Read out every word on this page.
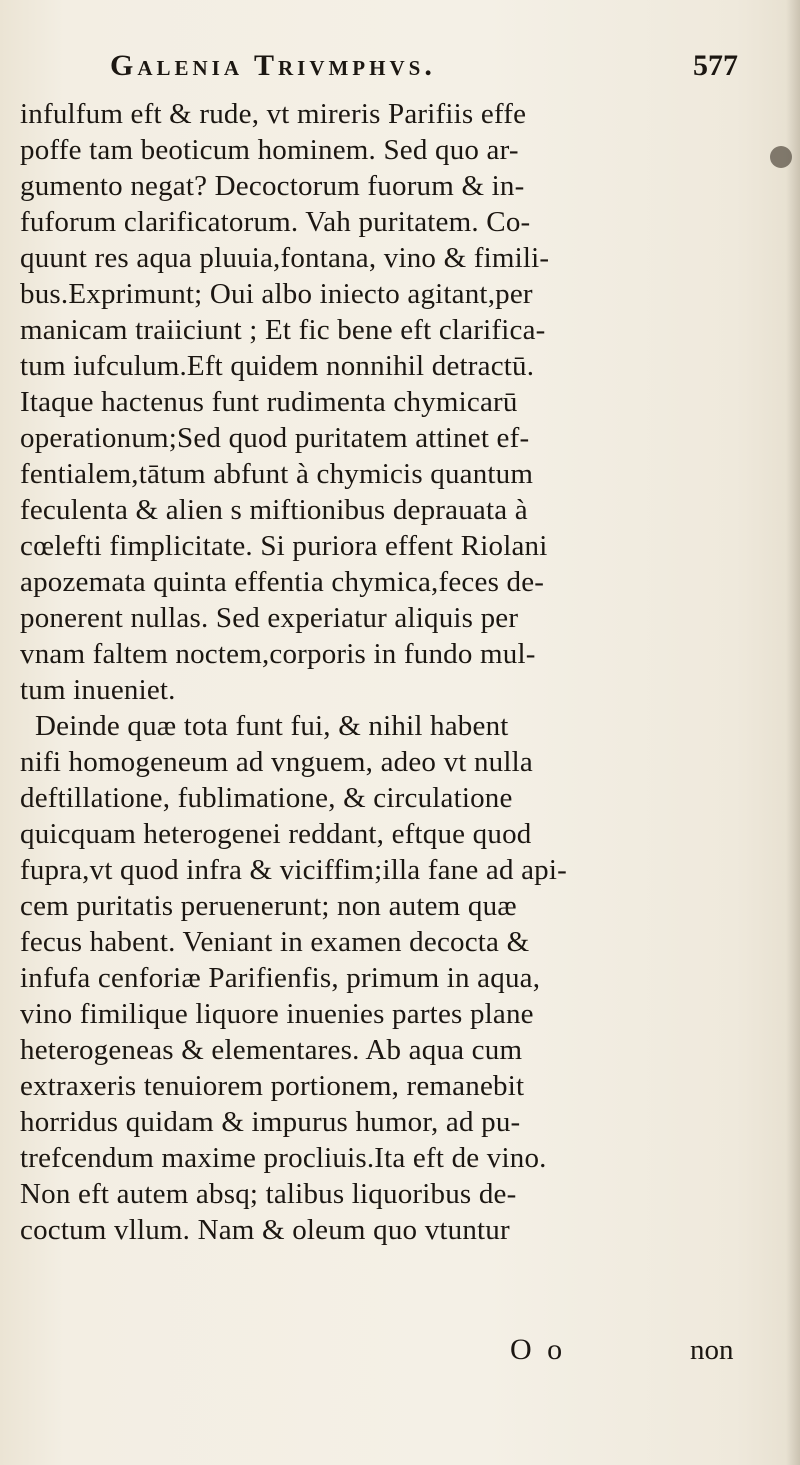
Galenia Trivmphvs.	577
infulfum eft & rude, vt mireris Parifiis effe
poffe tam beoticum hominem. Sed quo ar-
gumento negat? Decoctorum fuorum & in-
fuforum clarificatorum. Vah puritatem. Co-
quunt res aqua pluuia,fontana, vino & fimili-
bus.Exprimunt; Oui albo iniecto agitant,per
manicam traiiciunt ; Et fic bene eft clarifica-
tum iufculum.Eft quidem nonnihil detractū.
Itaque hactenus funt rudimenta chymicarū
operationum;Sed quod puritatem attinet ef-
fentialem,tātum abfunt à chymicis quantum
feculenta & alien s miftionibus deprauata à
cœlefti fimplicitate. Si puriora effent Riolani
apozemata quinta effentia chymica,feces de-
ponerent nullas. Sed experiatur aliquis per
vnam faltem noctem,corporis in fundo mul-
tum inueniet.
Deinde quæ tota funt fui, & nihil habent
nifi homogeneum ad vnguem, adeo vt nulla
deftillatione, fublimatione, & circulatione
quicquam heterogenei reddant, eftque quod
fupra,vt quod infra & viciffim;illa fane ad api-
cem puritatis peruenerunt; non autem quæ
fecus habent. Veniant in examen decocta &
infufa cenforiæ Parifienfis, primum in aqua,
vino fimilique liquore inuenies partes plane
heterogeneas & elementares. Ab aqua cum
extraxeris tenuiorem portionem, remanebit
horridus quidam & impurus humor, ad pu-
trefcendum maxime procliuis.Ita eft de vino.
Non eft autem absq; talibus liquoribus de-
coctum vllum. Nam & oleum quo vtuntur
O o	non
